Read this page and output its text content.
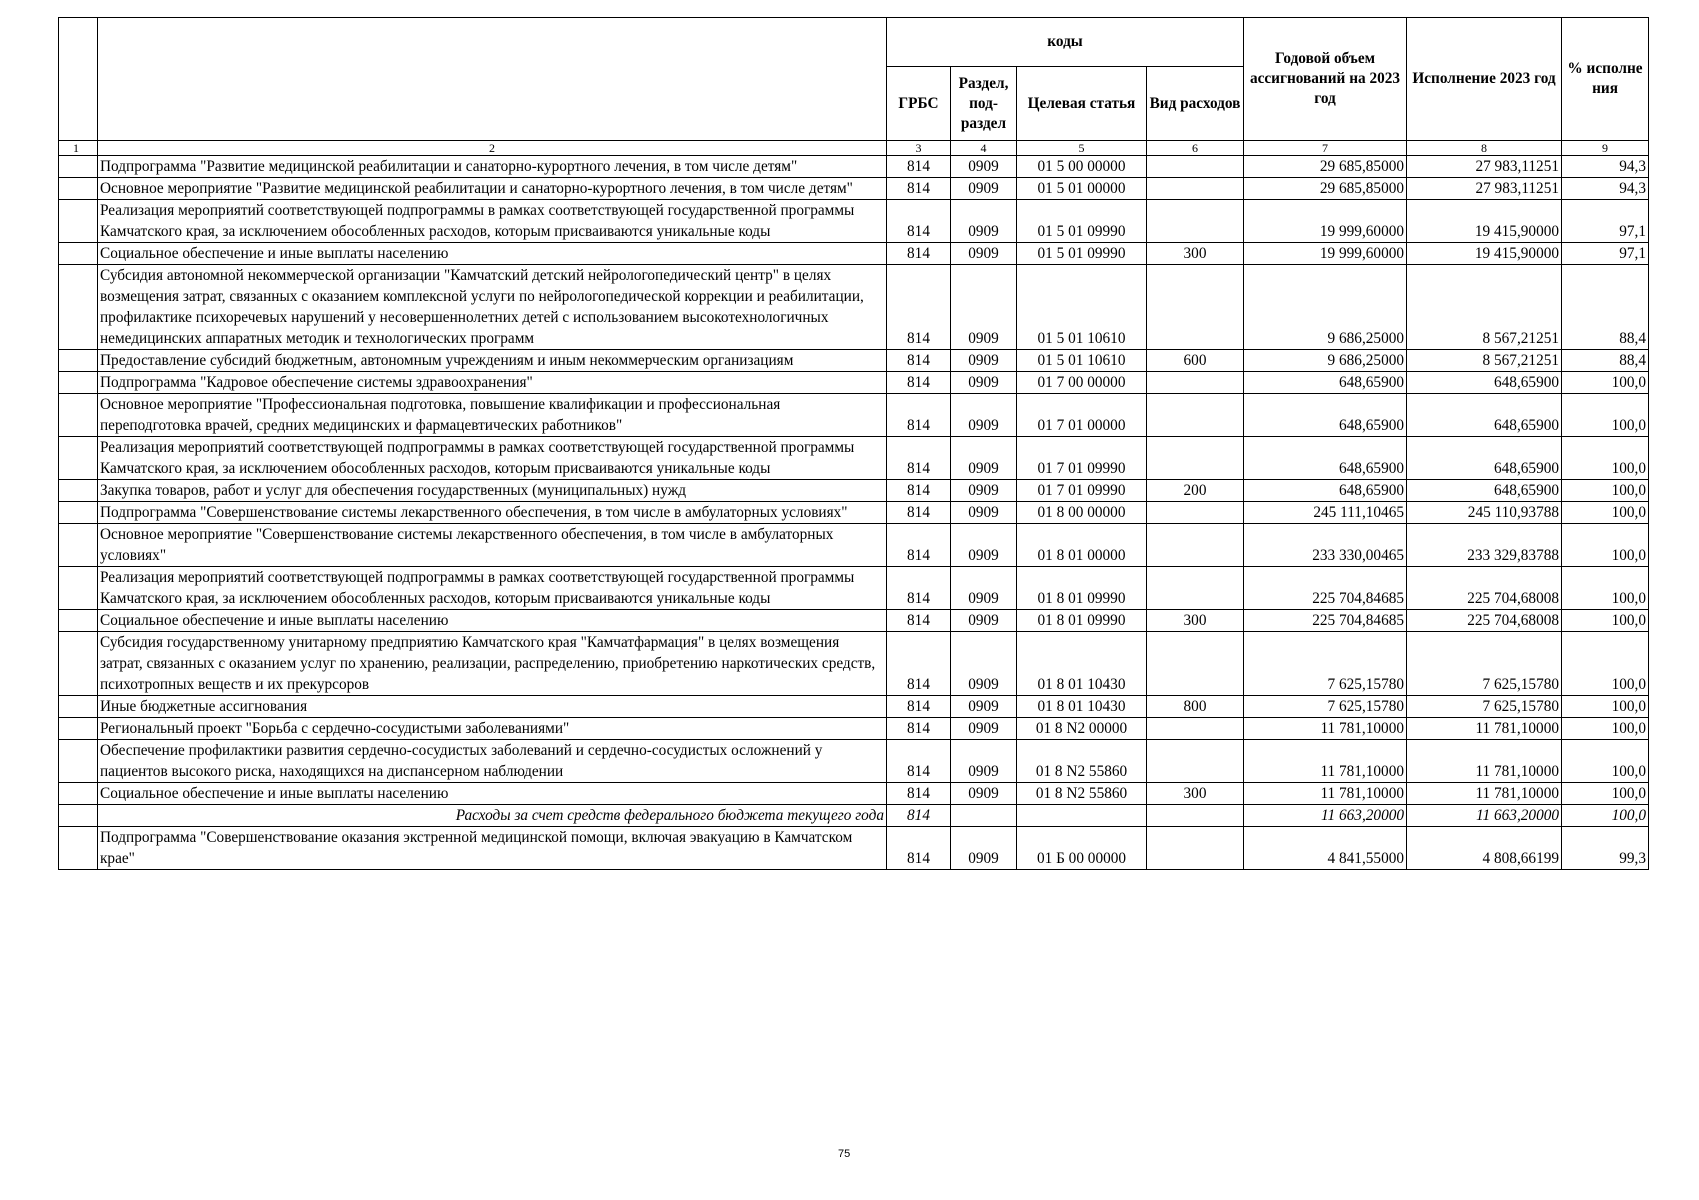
		коды				Годовой объем ассигнований на 2023 год	Исполнение 2023 год	% исполне ния
		ГРБС	Раздел, под-раздел	Целевая статья	Вид расходов			
1	2	3	4	5	6	7	8	9
	Подпрограмма "Развитие медицинской реабилитации и санаторно-курортного лечения, в том числе детям"	814	0909	01 5 00 00000		29 685,85000	27 983,11251	94,3
	Основное мероприятие "Развитие медицинской реабилитации и санаторно-курортного лечения, в том числе детям"	814	0909	01 5 01 00000		29 685,85000	27 983,11251	94,3
	Реализация мероприятий соответствующей подпрограммы в рамках соответствующей государственной программы Камчатского края, за исключением обособленных расходов, которым присваиваются уникальные коды	814	0909	01 5 01 09990		19 999,60000	19 415,90000	97,1
	Социальное обеспечение и иные выплаты населению	814	0909	01 5 01 09990	300	19 999,60000	19 415,90000	97,1
	Субсидия автономной некоммерческой организации "Камчатский детский нейрологопедический центр" в целях возмещения затрат, связанных с оказанием комплексной услуги по нейрологопедической коррекции и реабилитации, профилактике психоречевых нарушений у несовершеннолетних детей с использованием высокотехнологичных немедицинских аппаратных методик и технологических программ	814	0909	01 5 01 10610		9 686,25000	8 567,21251	88,4
	Предоставление субсидий бюджетным, автономным учреждениям и иным некоммерческим организациям	814	0909	01 5 01 10610	600	9 686,25000	8 567,21251	88,4
	Подпрограмма "Кадровое обеспечение системы здравоохранения"	814	0909	01 7 00 00000		648,65900	648,65900	100,0
	Основное мероприятие "Профессиональная подготовка, повышение квалификации и профессиональная переподготовка врачей, средних медицинских и фармацевтических работников"	814	0909	01 7 01 00000		648,65900	648,65900	100,0
	Реализация мероприятий соответствующей подпрограммы в рамках соответствующей государственной программы Камчатского края, за исключением обособленных расходов, которым присваиваются уникальные коды	814	0909	01 7 01 09990		648,65900	648,65900	100,0
	Закупка товаров, работ и услуг для обеспечения государственных (муниципальных) нужд	814	0909	01 7 01 09990	200	648,65900	648,65900	100,0
	Подпрограмма "Совершенствование системы лекарственного обеспечения, в том числе в амбулаторных условиях"	814	0909	01 8 00 00000		245 111,10465	245 110,93788	100,0
	Основное мероприятие "Совершенствование системы лекарственного обеспечения, в том числе в амбулаторных условиях"	814	0909	01 8 01 00000		233 330,00465	233 329,83788	100,0
	Реализация мероприятий соответствующей подпрограммы в рамках соответствующей государственной программы Камчатского края, за исключением обособленных расходов, которым присваиваются уникальные коды	814	0909	01 8 01 09990		225 704,84685	225 704,68008	100,0
	Социальное обеспечение и иные выплаты населению	814	0909	01 8 01 09990	300	225 704,84685	225 704,68008	100,0
	Субсидия государственному унитарному предприятию Камчатского края "Камчатфармация" в целях возмещения затрат, связанных с оказанием услуг по хранению, реализации, распределению, приобретению наркотических средств, психотропных веществ и их прекурсоров	814	0909	01 8 01 10430		7 625,15780	7 625,15780	100,0
	Иные бюджетные ассигнования	814	0909	01 8 01 10430	800	7 625,15780	7 625,15780	100,0
	Региональный проект "Борьба с сердечно-сосудистыми заболеваниями"	814	0909	01 8 N2 00000		11 781,10000	11 781,10000	100,0
	Обеспечение профилактики развития сердечно-сосудистых заболеваний и сердечно-сосудистых осложнений у пациентов высокого риска, находящихся на диспансерном наблюдении	814	0909	01 8 N2 55860		11 781,10000	11 781,10000	100,0
	Социальное обеспечение и иные выплаты населению	814	0909	01 8 N2 55860	300	11 781,10000	11 781,10000	100,0
	Расходы за счет средств федерального бюджета текущего года	814				11 663,20000	11 663,20000	100,0
	Подпрограмма "Совершенствование оказания экстренной медицинской помощи, включая эвакуацию в Камчатском крае"	814	0909	01 Б 00 00000		4 841,55000	4 808,66199	99,3
75
